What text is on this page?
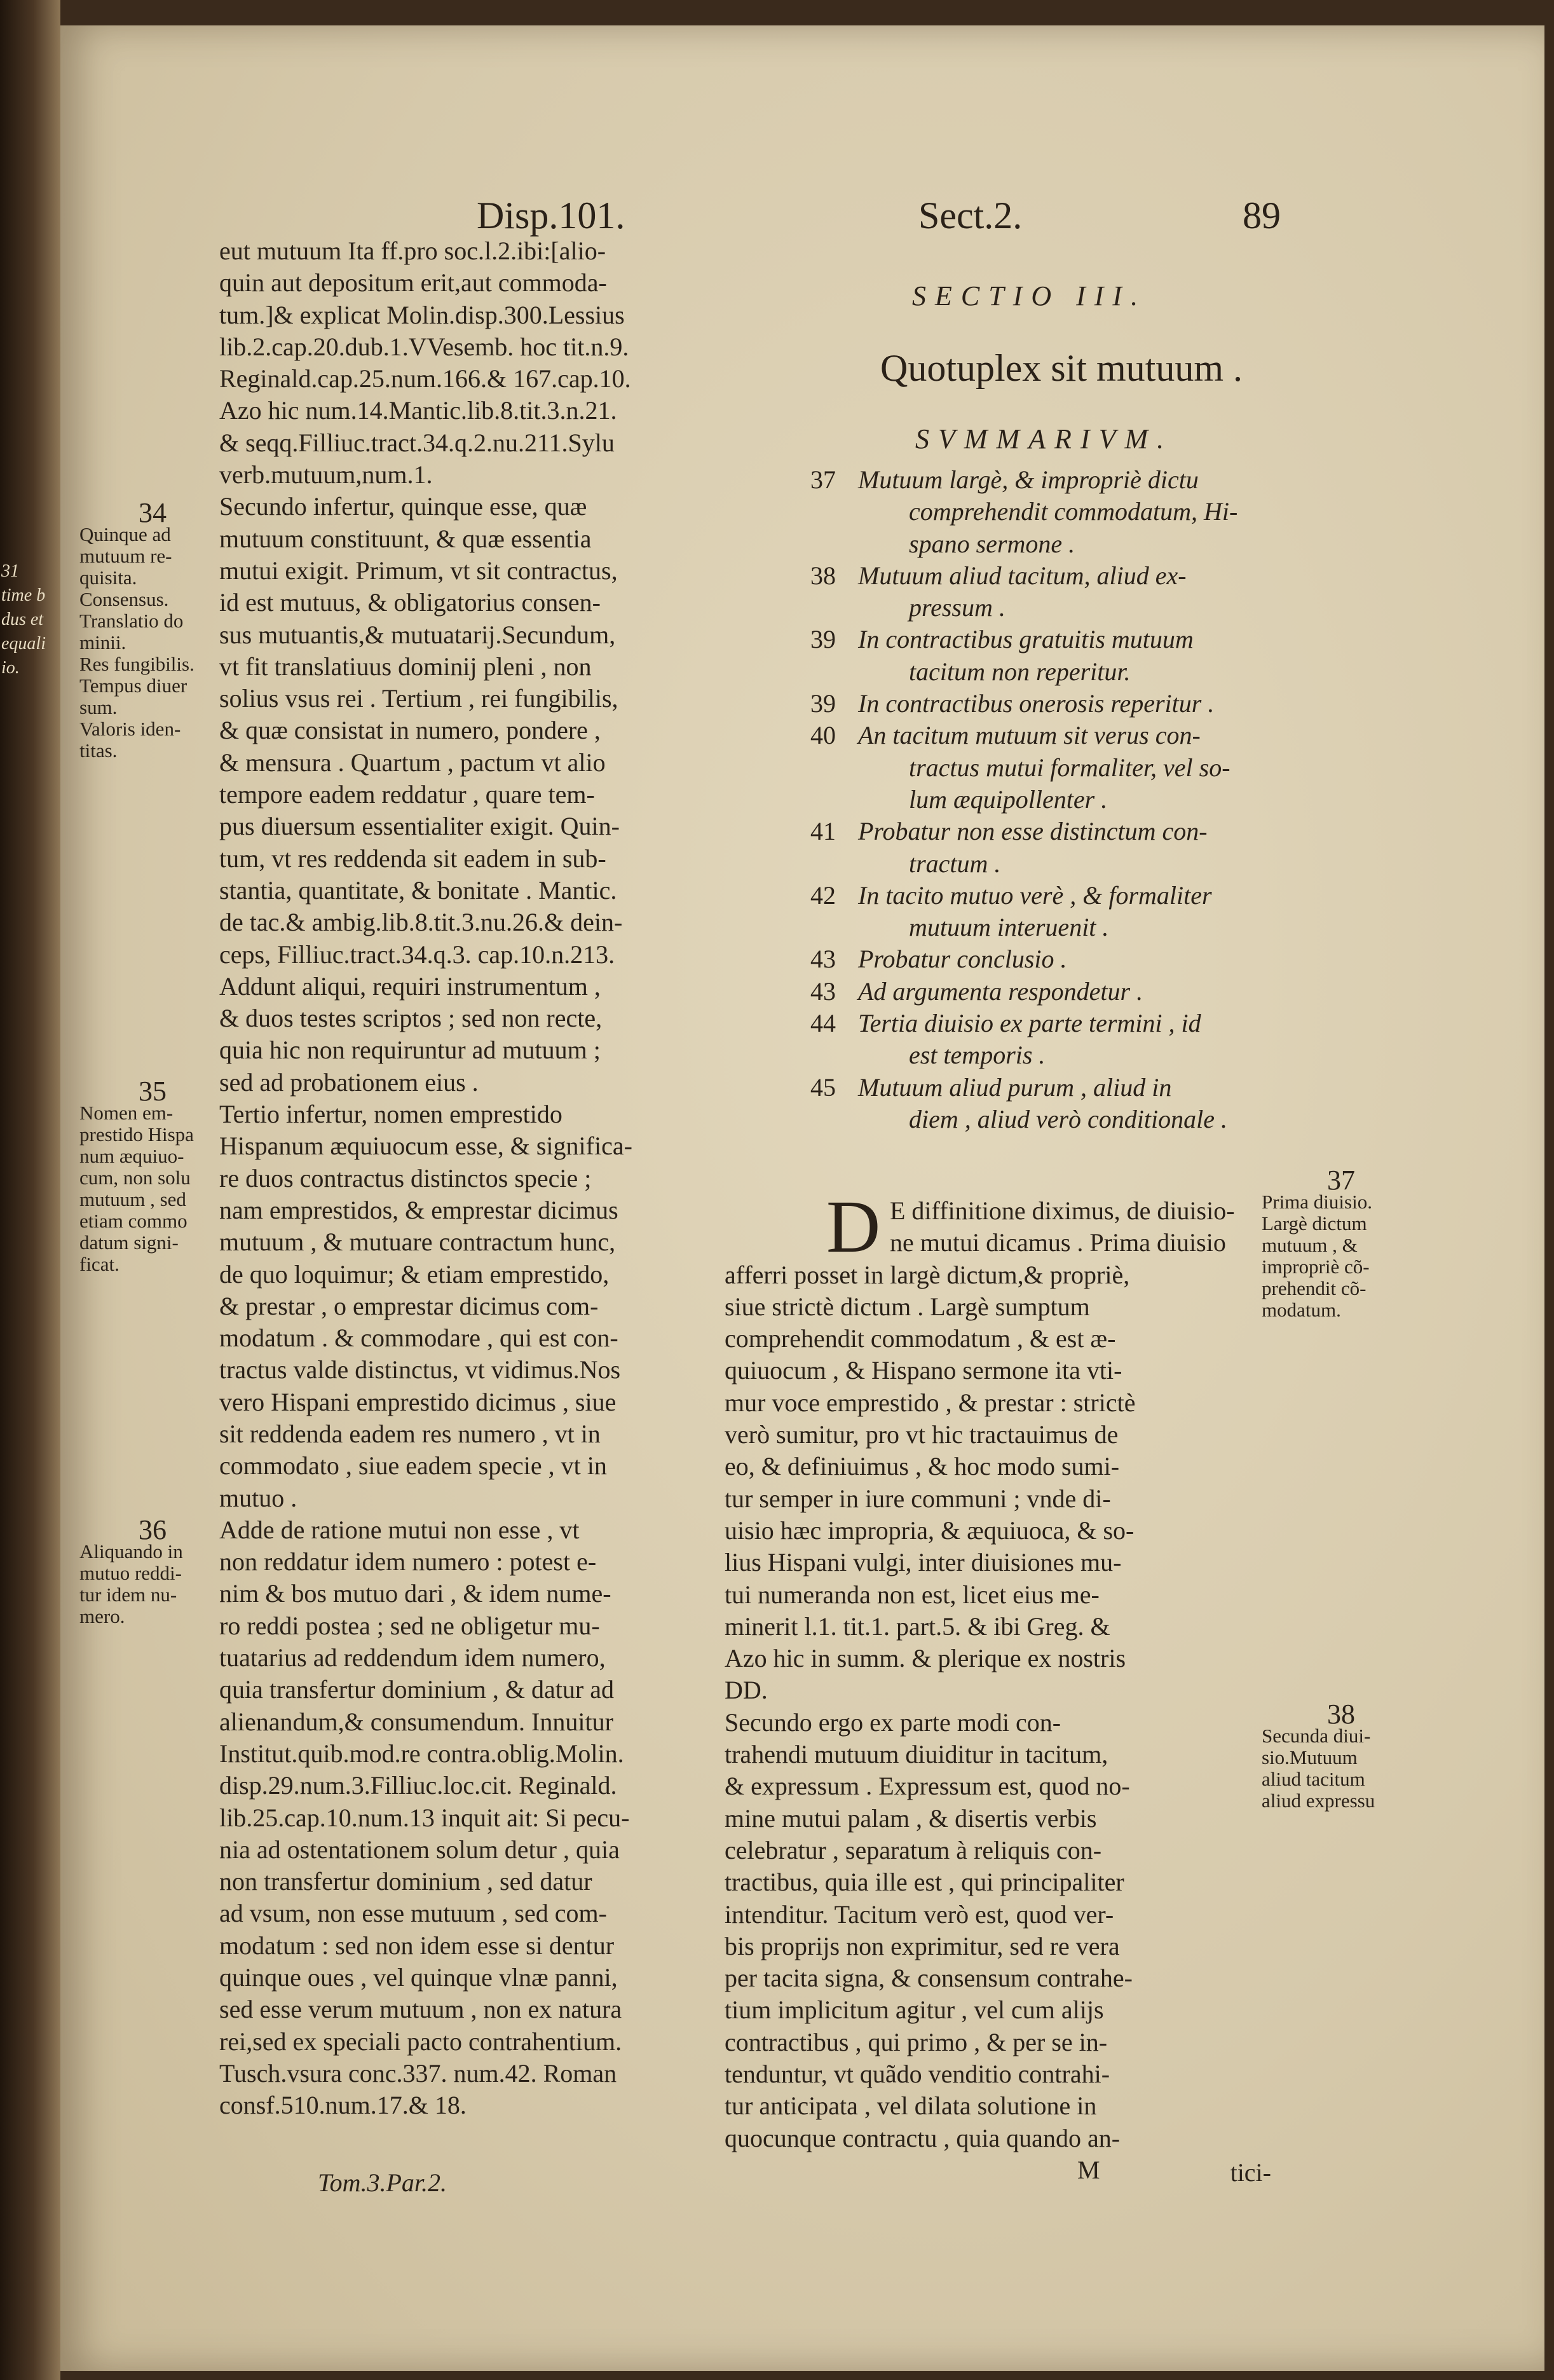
31
time b
dus et
equali
io.
Disp.101.	Sect.2.	89
34
Quinque ad
mutuum re-
quisita.
Consensus.
Translatio do
minii.
Res fungibilis.
Tempus diuer
sum.
Valoris iden-
titas.
35
Nomen em-
prestido Hispa
num æquiuo-
cum, non solu
mutuum , sed
etiam commo
datum signi-
ficat.
36
Aliquando in
mutuo reddi-
tur idem nu-
mero.
eut mutuum Ita ff.pro soc.l.2.ibi:[alio-
quin aut depositum erit,aut commoda-
tum.]& explicat Molin.disp.300.Lessius
lib.2.cap.20.dub.1.VVesemb. hoc tit.n.9.
Reginald.cap.25.num.166.& 167.cap.10.
Azo hic num.14.Mantic.lib.8.tit.3.n.21.
& seqq.Filliuc.tract.34.q.2.nu.211.Sylu
verb.mutuum,num.1.
Secundo infertur, quinque esse, quæ
mutuum constituunt, & quæ essentia
mutui exigit. Primum, vt sit contractus,
id est mutuus, & obligatorius consen-
sus mutuantis,& mutuatarij.Secundum,
vt fit translatiuus dominij pleni , non
solius vsus rei . Tertium , rei fungibilis,
& quæ consistat in numero, pondere ,
& mensura . Quartum , pactum vt alio
tempore eadem reddatur , quare tem-
pus diuersum essentialiter exigit. Quin-
tum, vt res reddenda sit eadem in sub-
stantia, quantitate, & bonitate . Mantic.
de tac.& ambig.lib.8.tit.3.nu.26.& dein-
ceps, Filliuc.tract.34.q.3. cap.10.n.213.
Addunt aliqui, requiri instrumentum ,
& duos testes scriptos ; sed non recte,
quia hic non requiruntur ad mutuum ;
sed ad probationem eius .
Tertio infertur, nomen emprestido
Hispanum æquiuocum esse, & significa-
re duos contractus distinctos specie ;
nam emprestidos, & emprestar dicimus
mutuum , & mutuare contractum hunc,
de quo loquimur; & etiam emprestido,
& prestar , o emprestar dicimus com-
modatum . & commodare , qui est con-
tractus valde distinctus, vt vidimus.Nos
vero Hispani emprestido dicimus , siue
sit reddenda eadem res numero , vt in
commodato , siue eadem specie , vt in
mutuo .
Adde de ratione mutui non esse , vt
non reddatur idem numero : potest e-
nim & bos mutuo dari , & idem nume-
ro reddi postea ; sed ne obligetur mu-
tuatarius ad reddendum idem numero,
quia transfertur dominium , & datur ad
alienandum,& consumendum. Innuitur
Institut.quib.mod.re contra.oblig.Molin.
disp.29.num.3.Filliuc.loc.cit. Reginald.
lib.25.cap.10.num.13 inquit ait: Si pecu-
nia ad ostentationem solum detur , quia
non transfertur dominium , sed datur
ad vsum, non esse mutuum , sed com-
modatum : sed non idem esse si dentur
quinque oues , vel quinque vlnæ panni,
sed esse verum mutuum , non ex natura
rei,sed ex speciali pacto contrahentium.
Tusch.vsura conc.337. num.42. Roman
consf.510.num.17.& 18.
SECTIO III.
Quotuplex sit mutuum .
SVMMARIVM.
37 Mutuum largè, & impropriè dictu
comprehendit commodatum, Hi-
spano sermone .
38 Mutuum aliud tacitum, aliud ex-
pressum .
39 In contractibus gratuitis mutuum
tacitum non reperitur.
39 In contractibus onerosis reperitur .
40 An tacitum mutuum sit verus con-
tractus mutui formaliter, vel so-
lum æquipollenter .
41 Probatur non esse distinctum con-
tractum .
42 In tacito mutuo verè , & formaliter
mutuum interuenit .
43 Probatur conclusio .
43 Ad argumenta respondetur .
44 Tertia diuisio ex parte termini , id
est temporis .
45 Mutuum aliud purum , aliud in
diem , aliud verò conditionale .
D E diffinitione diximus, de diuisio-
ne mutui dicamus . Prima diuisio
afferri posset in largè dictum,& propriè,
siue strictè dictum . Largè sumptum
comprehendit commodatum , & est æ-
quiuocum , & Hispano sermone ita vti-
mur voce emprestido , & prestar : strictè
verò sumitur, pro vt hic tractauimus de
eo, & definiuimus , & hoc modo sumi-
tur semper in iure communi ; vnde di-
uisio hæc impropria, & æquiuoca, & so-
lius Hispani vulgi, inter diuisiones mu-
tui numeranda non est, licet eius me-
minerit l.1. tit.1. part.5. & ibi Greg. &
Azo hic in summ. & plerique ex nostris
DD.
Secundo ergo ex parte modi con-
trahendi mutuum diuiditur in tacitum,
& expressum . Expressum est, quod no-
mine mutui palam , & disertis verbis
celebratur , separatum à reliquis con-
tractibus, quia ille est , qui principaliter
intenditur. Tacitum verò est, quod ver-
bis proprijs non exprimitur, sed re vera
per tacita signa, & consensum contrahe-
tium implicitum agitur , vel cum alijs
contractibus , qui primo , & per se in-
tenduntur, vt quãdo venditio contrahi-
tur anticipata , vel dilata solutione in
quocunque contractu , quia quando an-
tici-
37
Prima diuisio.
Largè dictum
mutuum , &
impropriè cõ-
prehendit cõ-
modatum.
38
Secunda diui-
sio.Mutuum
aliud tacitum
aliud expressu
Tom.3.Par.2.	M
